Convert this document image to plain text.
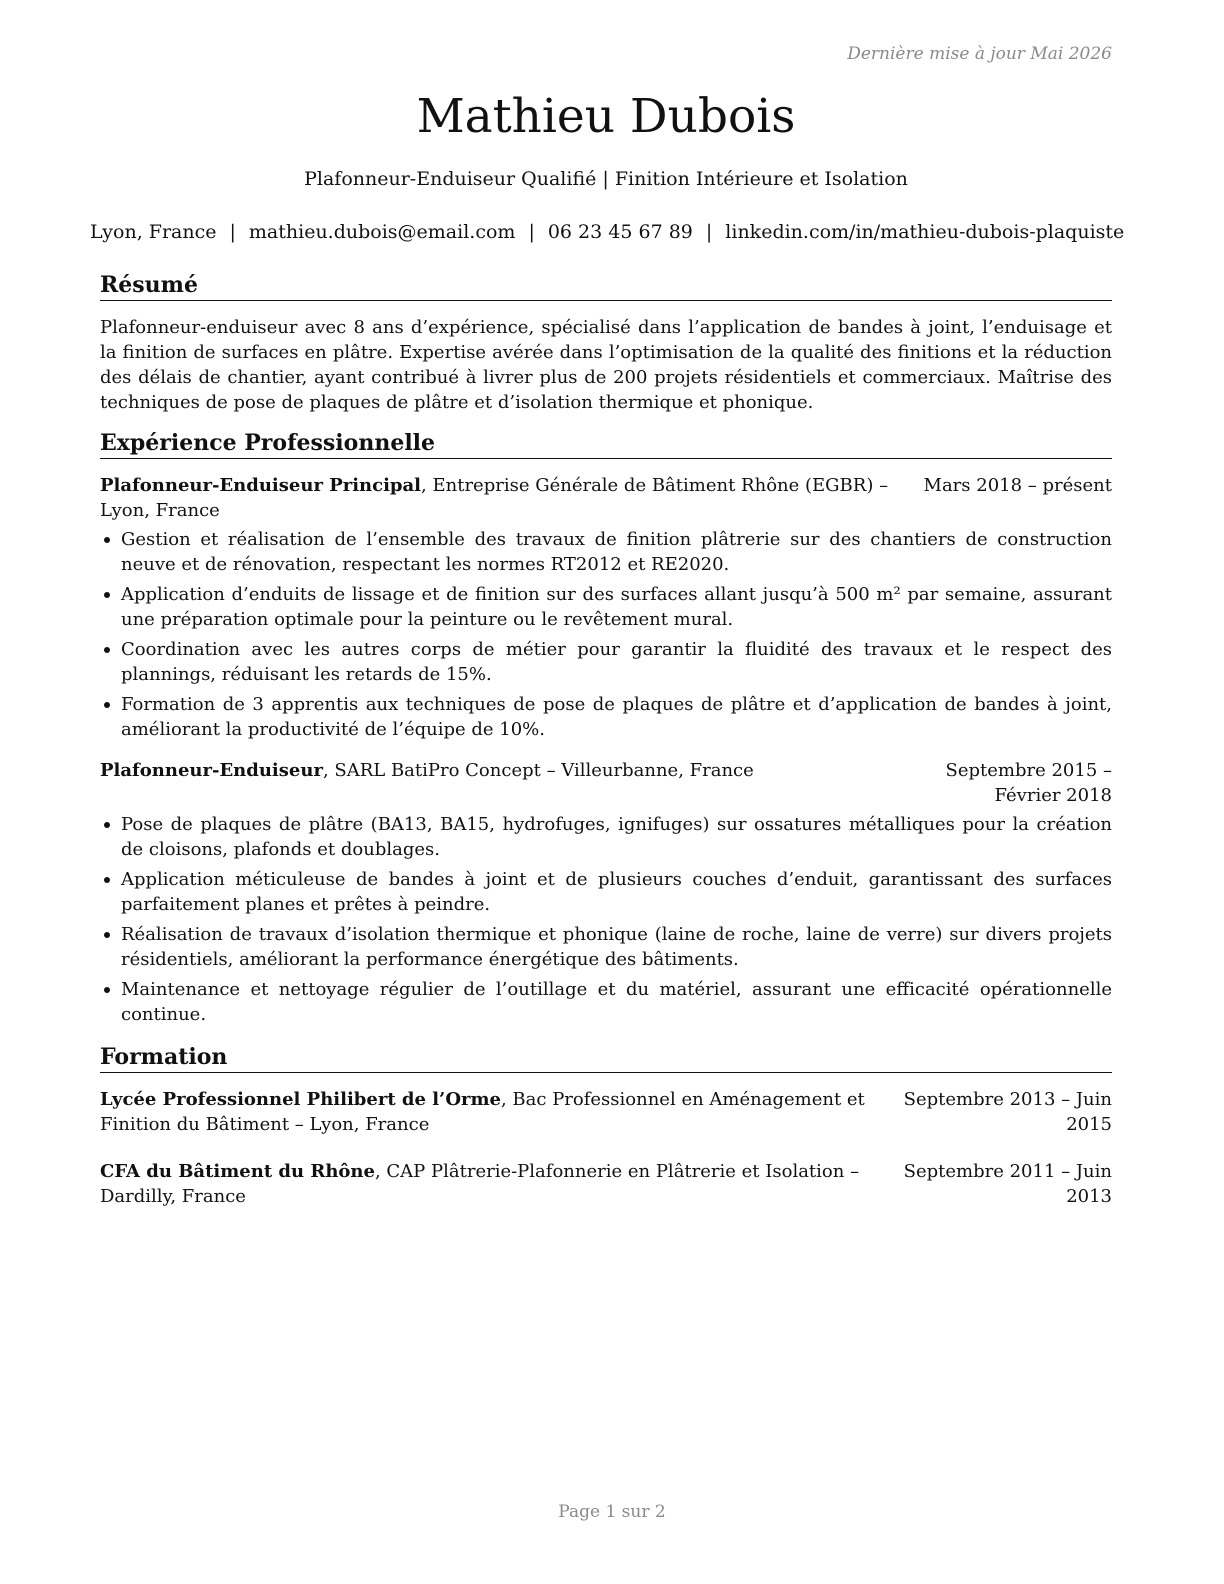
Dernière mise à jour Mai 2026
Mathieu Dubois
Plafonneur-Enduiseur Qualifié | Finition Intérieure et Isolation
Lyon, France | mathieu.dubois@email.com | 06 23 45 67 89 | linkedin.com/in/mathieu-dubois-plaquiste
Résumé
Plafonneur-enduiseur avec 8 ans d’expérience, spécialisé dans l’application de bandes à joint, l’enduisage et la finition de surfaces en plâtre. Expertise avérée dans l’optimisation de la qualité des finitions et la réduction des délais de chantier, ayant contribué à livrer plus de 200 projets résidentiels et commerciaux. Maîtrise des techniques de pose de plaques de plâtre et d’isolation thermique et phonique.
Expérience Professionnelle
Plafonneur-Enduiseur Principal, Entreprise Générale de Bâtiment Rhône (EGBR) – Lyon, France
Mars 2018 – présent
Gestion et réalisation de l’ensemble des travaux de finition plâtrerie sur des chantiers de construction neuve et de rénovation, respectant les normes RT2012 et RE2020.
Application d’enduits de lissage et de finition sur des surfaces allant jusqu’à 500 m² par semaine, assurant une préparation optimale pour la peinture ou le revêtement mural.
Coordination avec les autres corps de métier pour garantir la fluidité des travaux et le respect des plannings, réduisant les retards de 15%.
Formation de 3 apprentis aux techniques de pose de plaques de plâtre et d’application de bandes à joint, améliorant la productivité de l’équipe de 10%.
Plafonneur-Enduiseur, SARL BatiPro Concept – Villeurbanne, France	Septembre 2015 – Février 2018
Pose de plaques de plâtre (BA13, BA15, hydrofuges, ignifuges) sur ossatures métalliques pour la création de cloisons, plafonds et doublages.
Application méticuleuse de bandes à joint et de plusieurs couches d’enduit, garantissant des surfaces parfaitement planes et prêtes à peindre.
Réalisation de travaux d’isolation thermique et phonique (laine de roche, laine de verre) sur divers projets résidentiels, améliorant la performance énergétique des bâtiments.
Maintenance et nettoyage régulier de l’outillage et du matériel, assurant une efficacité opérationnelle continue.
Formation
Lycée Professionnel Philibert de l’Orme, Bac Professionnel en Aménagement et Finition du Bâtiment – Lyon, France
Septembre 2013 – Juin 2015
CFA du Bâtiment du Rhône, CAP Plâtrerie-Plafonnerie en Plâtrerie et Isolation – Dardilly, France
Septembre 2011 – Juin 2013
Page 1 sur 2
